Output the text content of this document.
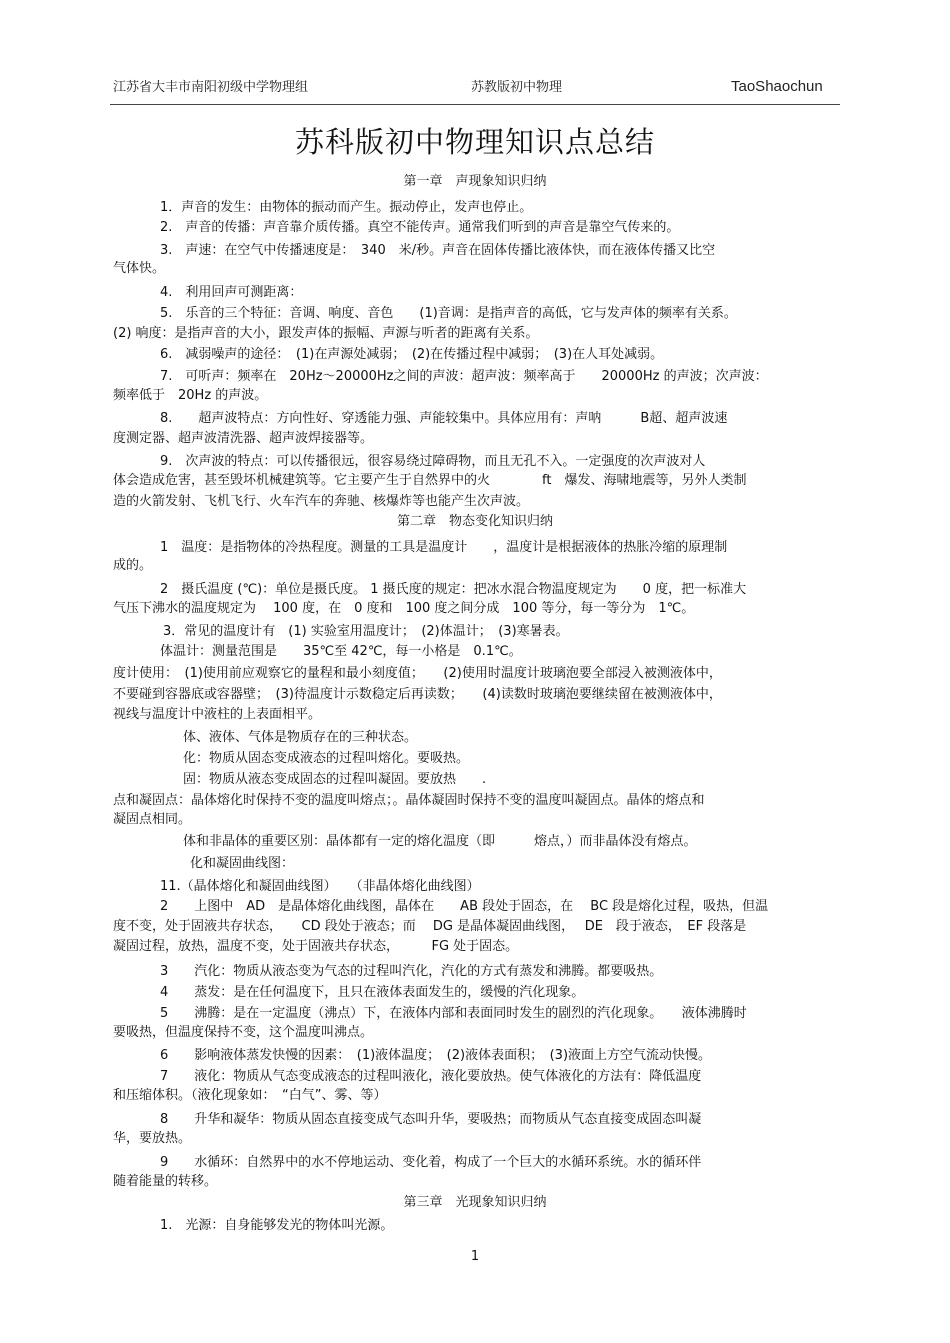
江苏省大丰市南阳初级中学物理组	苏教版初中物理	TaoShaochun
苏科版初中物理知识点总结
第一章　声现象知识归纳
1．声音的发生：由物体的振动而产生。振动停止，发声也停止。
2.　声音的传播：声音靠介质传播。真空不能传声。通常我们听到的声音是靠空气传来的。
3.　声速：在空气中传播速度是：　340　米/秒。声音在固体传播比液体快，而在液体传播又比空
气体快。
4.　利用回声可测距离：
5.　乐音的三个特征：音调、响度、音色　　(1)音调：是指声音的高低，它与发声体的频率有关系。
(2) 响度：是指声音的大小，跟发声体的振幅、声源与听者的距离有关系。
6.　减弱噪声的途径：　(1)在声源处减弱；　(2)在传播过程中减弱；　(3)在人耳处减弱。
7.　可听声：频率在　20Hz～20000Hz之间的声波：超声波：频率高于　　20000Hz 的声波；次声波：
频率低于　20Hz 的声波。
8.　　超声波特点：方向性好、穿透能力强、声能较集中。具体应用有：声呐　　　B超、超声波速
度测定器、超声波清洗器、超声波焊接器等。
9.　次声波的特点：可以传播很远，很容易绕过障碍物，而且无孔不入。一定强度的次声波对人
体会造成危害，甚至毁坏机械建筑等。它主要产生于自然界中的火　　　　ft　爆发、海啸地震等，另外人类制
造的火箭发射、飞机飞行、火车汽车的奔驰、核爆炸等也能产生次声波。
第二章　物态变化知识归纳
1　温度：是指物体的冷热程度。测量的工具是温度计　　，温度计是根据液体的热胀冷缩的原理制
成的。
2　摄氏温度 (℃)：单位是摄氏度。 1 摄氏度的规定：把冰水混合物温度规定为　　0 度，把一标准大
气压下沸水的温度规定为　 100 度，在　0 度和　100 度之间分成　100 等分，每一等分为　1℃。
3．常见的温度计有　(1) 实验室用温度计；　(2)体温计；　(3)寒暑表。
体温计：测量范围是　　35℃至 42℃，每一小格是　0.1℃。
度计使用：　(1)使用前应观察它的量程和最小刻度值；　　(2)使用时温度计玻璃泡要全部浸入被测液体中，
不要碰到容器底或容器壁；　(3)待温度计示数稳定后再读数；　　(4)读数时玻璃泡要继续留在被测液体中，
视线与温度计中液柱的上表面相平。
体、液体、气体是物质存在的三种状态。
化：物质从固态变成液态的过程叫熔化。要吸热。
固：物质从液态变成固态的过程叫凝固。要放热　　.
点和凝固点：晶体熔化时保持不变的温度叫熔点；。晶体凝固时保持不变的温度叫凝固点。晶体的熔点和
凝固点相同。
体和非晶体的重要区别：晶体都有一定的熔化温度（即　　　熔点，）而非晶体没有熔点。
化和凝固曲线图：
11.（晶体熔化和凝固曲线图）　　（非晶体熔化曲线图）
2　　上图中　AD　是晶体熔化曲线图，晶体在　　AB 段处于固态，在　 BC 段是熔化过程，吸热，但温
度不变，处于固液共存状态，　　CD 段处于液态；而　 DG 是晶体凝固曲线图，　 DE　段于液态，　EF 段落是
凝固过程，放热，温度不变，处于固液共存状态，　　　FG 处于固态。
3　　汽化：物质从液态变为气态的过程叫汽化，汽化的方式有蒸发和沸腾。都要吸热。
4　　蒸发：是在任何温度下，且只在液体表面发生的，缓慢的汽化现象。
5　　沸腾：是在一定温度（沸点）下，在液体内部和表面同时发生的剧烈的汽化现象。　　液体沸腾时
要吸热，但温度保持不变，这个温度叫沸点。
6　　影响液体蒸发快慢的因素：　(1)液体温度；　(2)液体表面积；　(3)液面上方空气流动快慢。
7　　液化：物质从气态变成液态的过程叫液化，液化要放热。使气体液化的方法有：降低温度
和压缩体积。（液化现象如：　“白气”、雾、等）
8　　升华和凝华：物质从固态直接变成气态叫升华，要吸热；而物质从气态直接变成固态叫凝
华，要放热。
9　　水循环：自然界中的水不停地运动、变化着，构成了一个巨大的水循环系统。水的循环伴
随着能量的转移。
第三章　光现象知识归纳
1.　光源：自身能够发光的物体叫光源。
1
